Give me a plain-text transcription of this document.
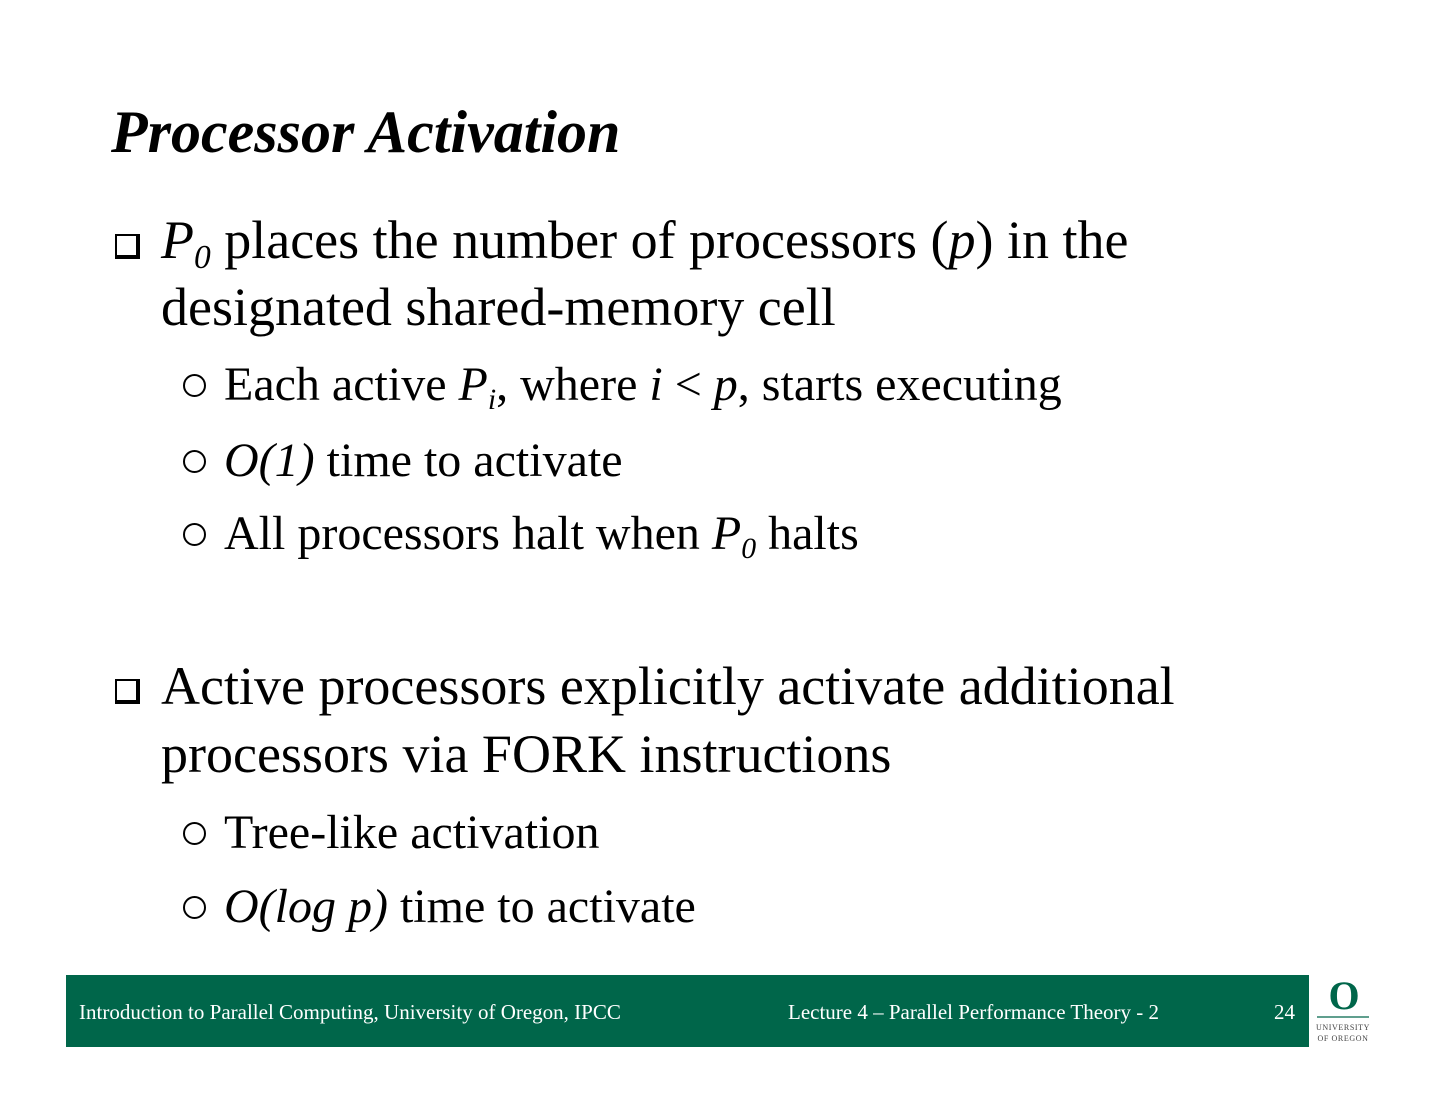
Processor Activation
$P_0$ places the number of processors (p) in the
designated shared-memory cell
Each active $P_i$, where i < p, starts executing
O(1) time to activate
All processors halt when $P_0$ halts
Active processors explicitly activate additional
processors via FORK instructions
Tree-like activation
O(log p) time to activate
Introduction to Parallel Computing, University of Oregon, IPCC	Lecture 4 – Parallel Performance Theory - 2	24 O
UNIVERSITY
OF OREGON
